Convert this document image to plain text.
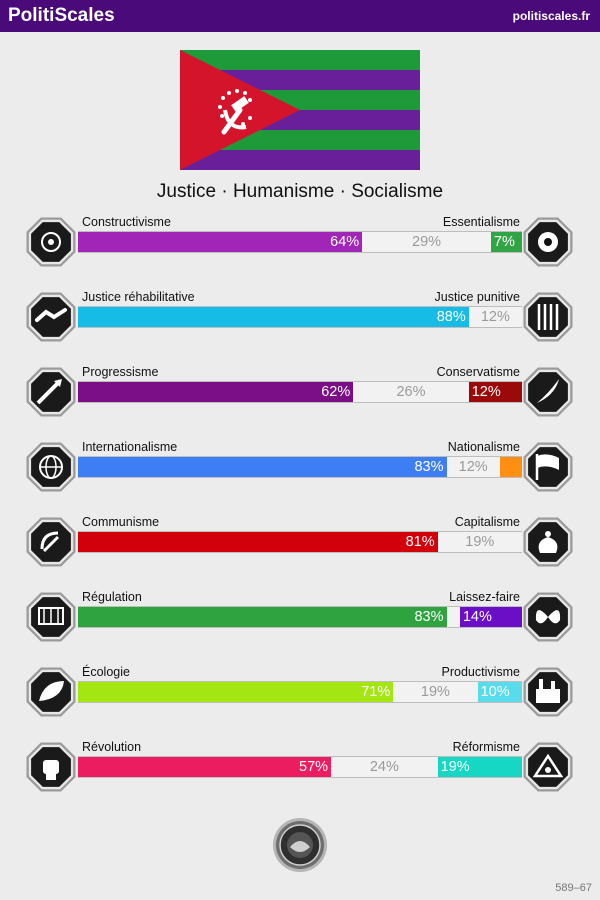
PolitiScales	politiscales.fr
Justice · Humanisme · Socialisme
64%	29%	7%
Constructivisme	Essentialisme
88%	12%
Justice réhabilitative	Justice punitive
62%	26%	12%
Progressisme	Conservatisme
83%	12%
Internationalisme	Nationalisme
81%	19%
Communisme	Capitalisme
83% 14%
Régulation	Laissez-faire
71%	19%	10%
Écologie	Productivisme
57%	24%	19%
Révolution	Réformisme
589–67
